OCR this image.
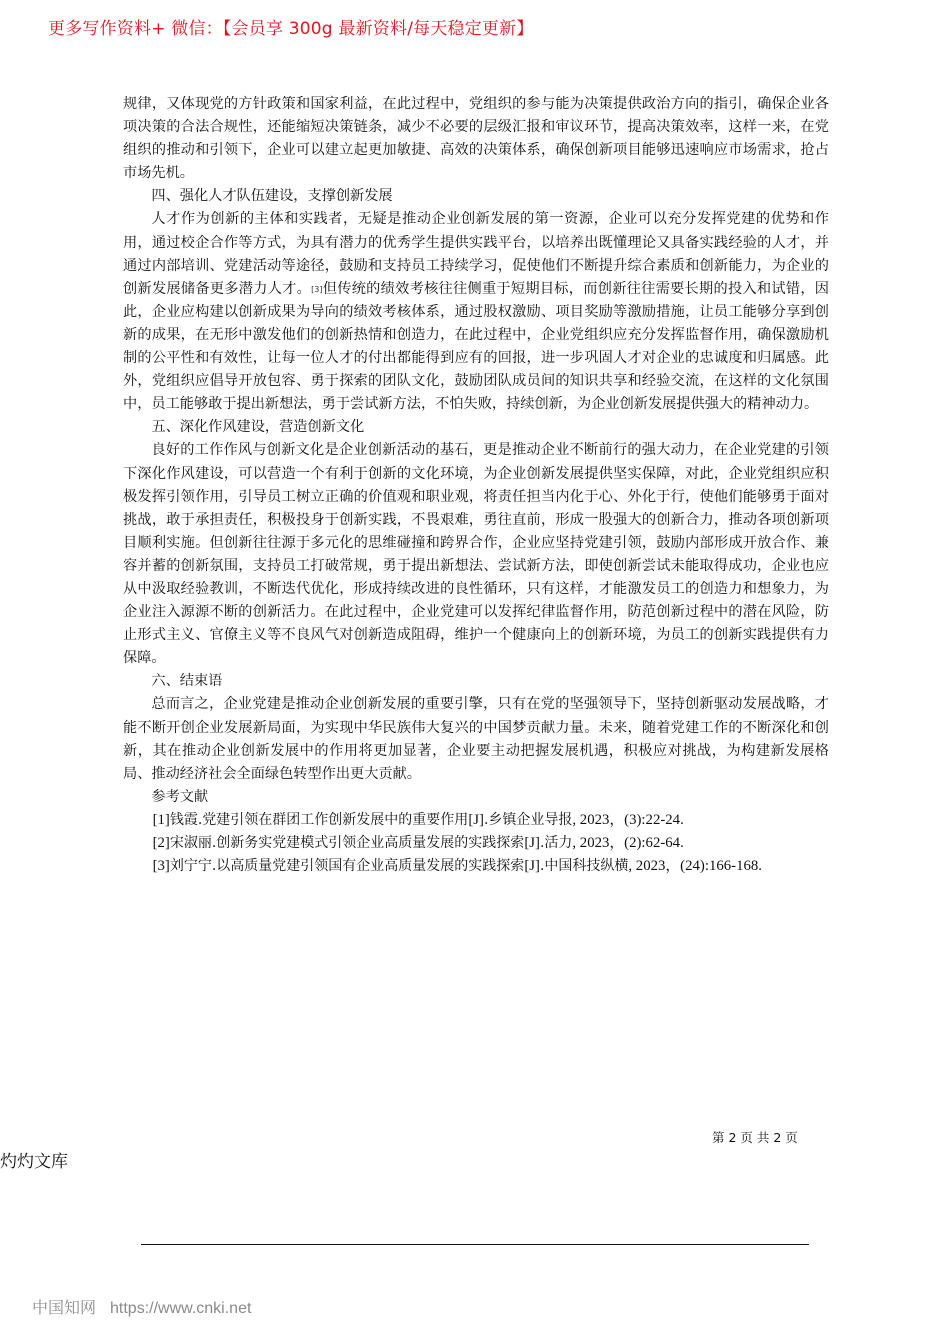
更多写作资料+ 微信：【会员享 300g 最新资料/每天稳定更新】

规律，又体现党的方针政策和国家利益，在此过程中，党组织的参与能为决策提供政治方向的指引，确保企业各项决策的合法合规性，还能缩短决策链条，减少不必要的层级汇报和审议环节，提高决策效率，这样一来，在党组织的推动和引领下，企业可以建立起更加敏捷、高效的决策体系，确保创新项目能够迅速响应市场需求，抢占市场先机。

四、强化人才队伍建设，支撑创新发展

人才作为创新的主体和实践者，无疑是推动企业创新发展的第一资源，企业可以充分发挥党建的优势和作用，通过校企合作等方式，为具有潜力的优秀学生提供实践平台，以培养出既懂理论又具备实践经验的人才，并通过内部培训、党建活动等途径，鼓励和支持员工持续学习，促使他们不断提升综合素质和创新能力，为企业的创新发展储备更多潜力人才。[3]但传统的绩效考核往往侧重于短期目标，而创新往往需要长期的投入和试错，因此，企业应构建以创新成果为导向的绩效考核体系，通过股权激励、项目奖励等激励措施，让员工能够分享到创新的成果，在无形中激发他们的创新热情和创造力，在此过程中，企业党组织应充分发挥监督作用，确保激励机制的公平性和有效性，让每一位人才的付出都能得到应有的回报，进一步巩固人才对企业的忠诚度和归属感。此外，党组织应倡导开放包容、勇于探索的团队文化，鼓励团队成员间的知识共享和经验交流，在这样的文化氛围中，员工能够敢于提出新想法，勇于尝试新方法，不怕失败，持续创新，为企业创新发展提供强大的精神动力。

五、深化作风建设，营造创新文化

良好的工作作风与创新文化是企业创新活动的基石，更是推动企业不断前行的强大动力，在企业党建的引领下深化作风建设，可以营造一个有利于创新的文化环境，为企业创新发展提供坚实保障，对此，企业党组织应积极发挥引领作用，引导员工树立正确的价值观和职业观，将责任担当内化于心、外化于行，使他们能够勇于面对挑战，敢于承担责任，积极投身于创新实践，不畏艰难，勇往直前，形成一股强大的创新合力，推动各项创新项目顺利实施。但创新往往源于多元化的思维碰撞和跨界合作，企业应坚持党建引领，鼓励内部形成开放合作、兼容并蓄的创新氛围，支持员工打破常规，勇于提出新想法、尝试新方法，即使创新尝试未能取得成功，企业也应从中汲取经验教训，不断迭代优化，形成持续改进的良性循环，只有这样，才能激发员工的创造力和想象力，为企业注入源源不断的创新活力。在此过程中，企业党建可以发挥纪律监督作用，防范创新过程中的潜在风险，防止形式主义、官僚主义等不良风气对创新造成阻碍，维护一个健康向上的创新环境，为员工的创新实践提供有力保障。

六、结束语

总而言之，企业党建是推动企业创新发展的重要引擎，只有在党的坚强领导下，坚持创新驱动发展战略，才能不断开创企业发展新局面，为实现中华民族伟大复兴的中国梦贡献力量。未来，随着党建工作的不断深化和创新，其在推动企业创新发展中的作用将更加显著，企业要主动把握发展机遇，积极应对挑战，为构建新发展格局、推动经济社会全面绿色转型作出更大贡献。

参考文献

[1]钱霞.党建引领在群团工作创新发展中的重要作用[J].乡镇企业导报, 2023，(3):22-24.

[2]宋淑丽.创新务实党建模式引领企业高质量发展的实践探索[J].活力, 2023，(2):62-64.

[3]刘宁宁.以高质量党建引领国有企业高质量发展的实践探索[J].中国科技纵横, 2023，(24):166-168.

第 2 页 共 2 页
灼灼文库
中国知网 https://www.cnki.net
